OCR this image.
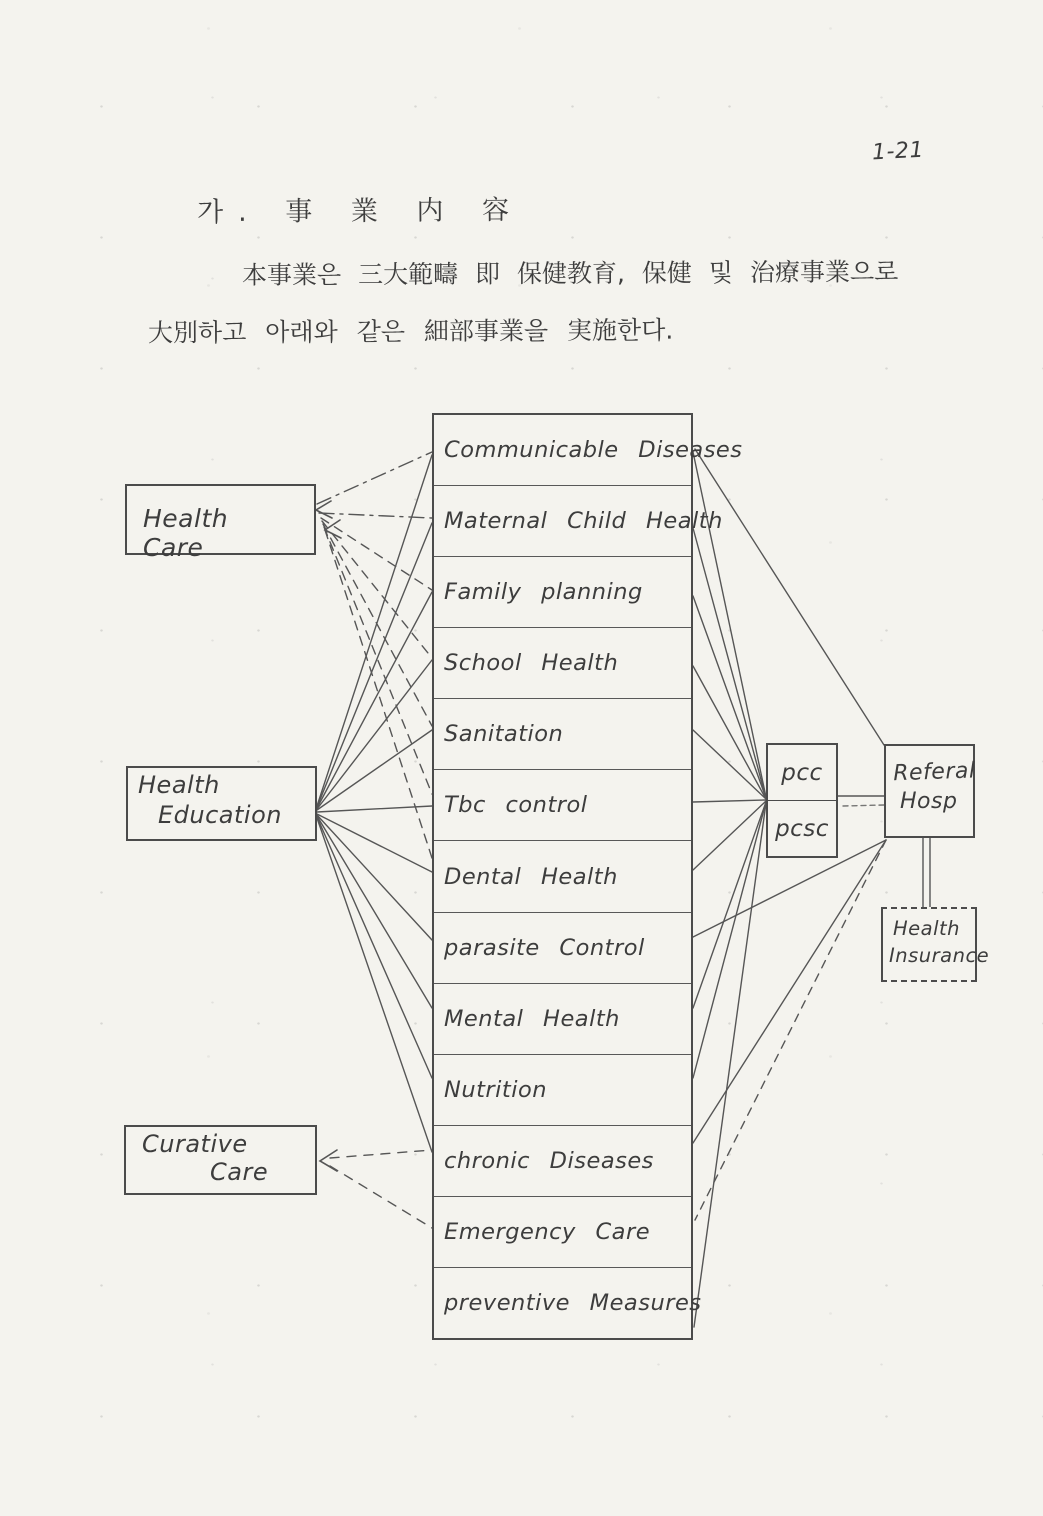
1-21
가. 事 業 内 容
本事業은 三大範疇 即 保健教育, 保健 및 治療事業으로
大別하고 아래와 같은 細部事業을 実施한다.
Health Care
Health
Education
Curative
Care
Communicable Diseases
Maternal Child Health
Family planning
School Health
Sanitation
Tbc control
Dental Health
parasite Control
Mental Health
Nutrition
chronic Diseases
Emergency Care
preventive Measures
pcc
pcsc
Referal
Hosp
Health
Insurance
